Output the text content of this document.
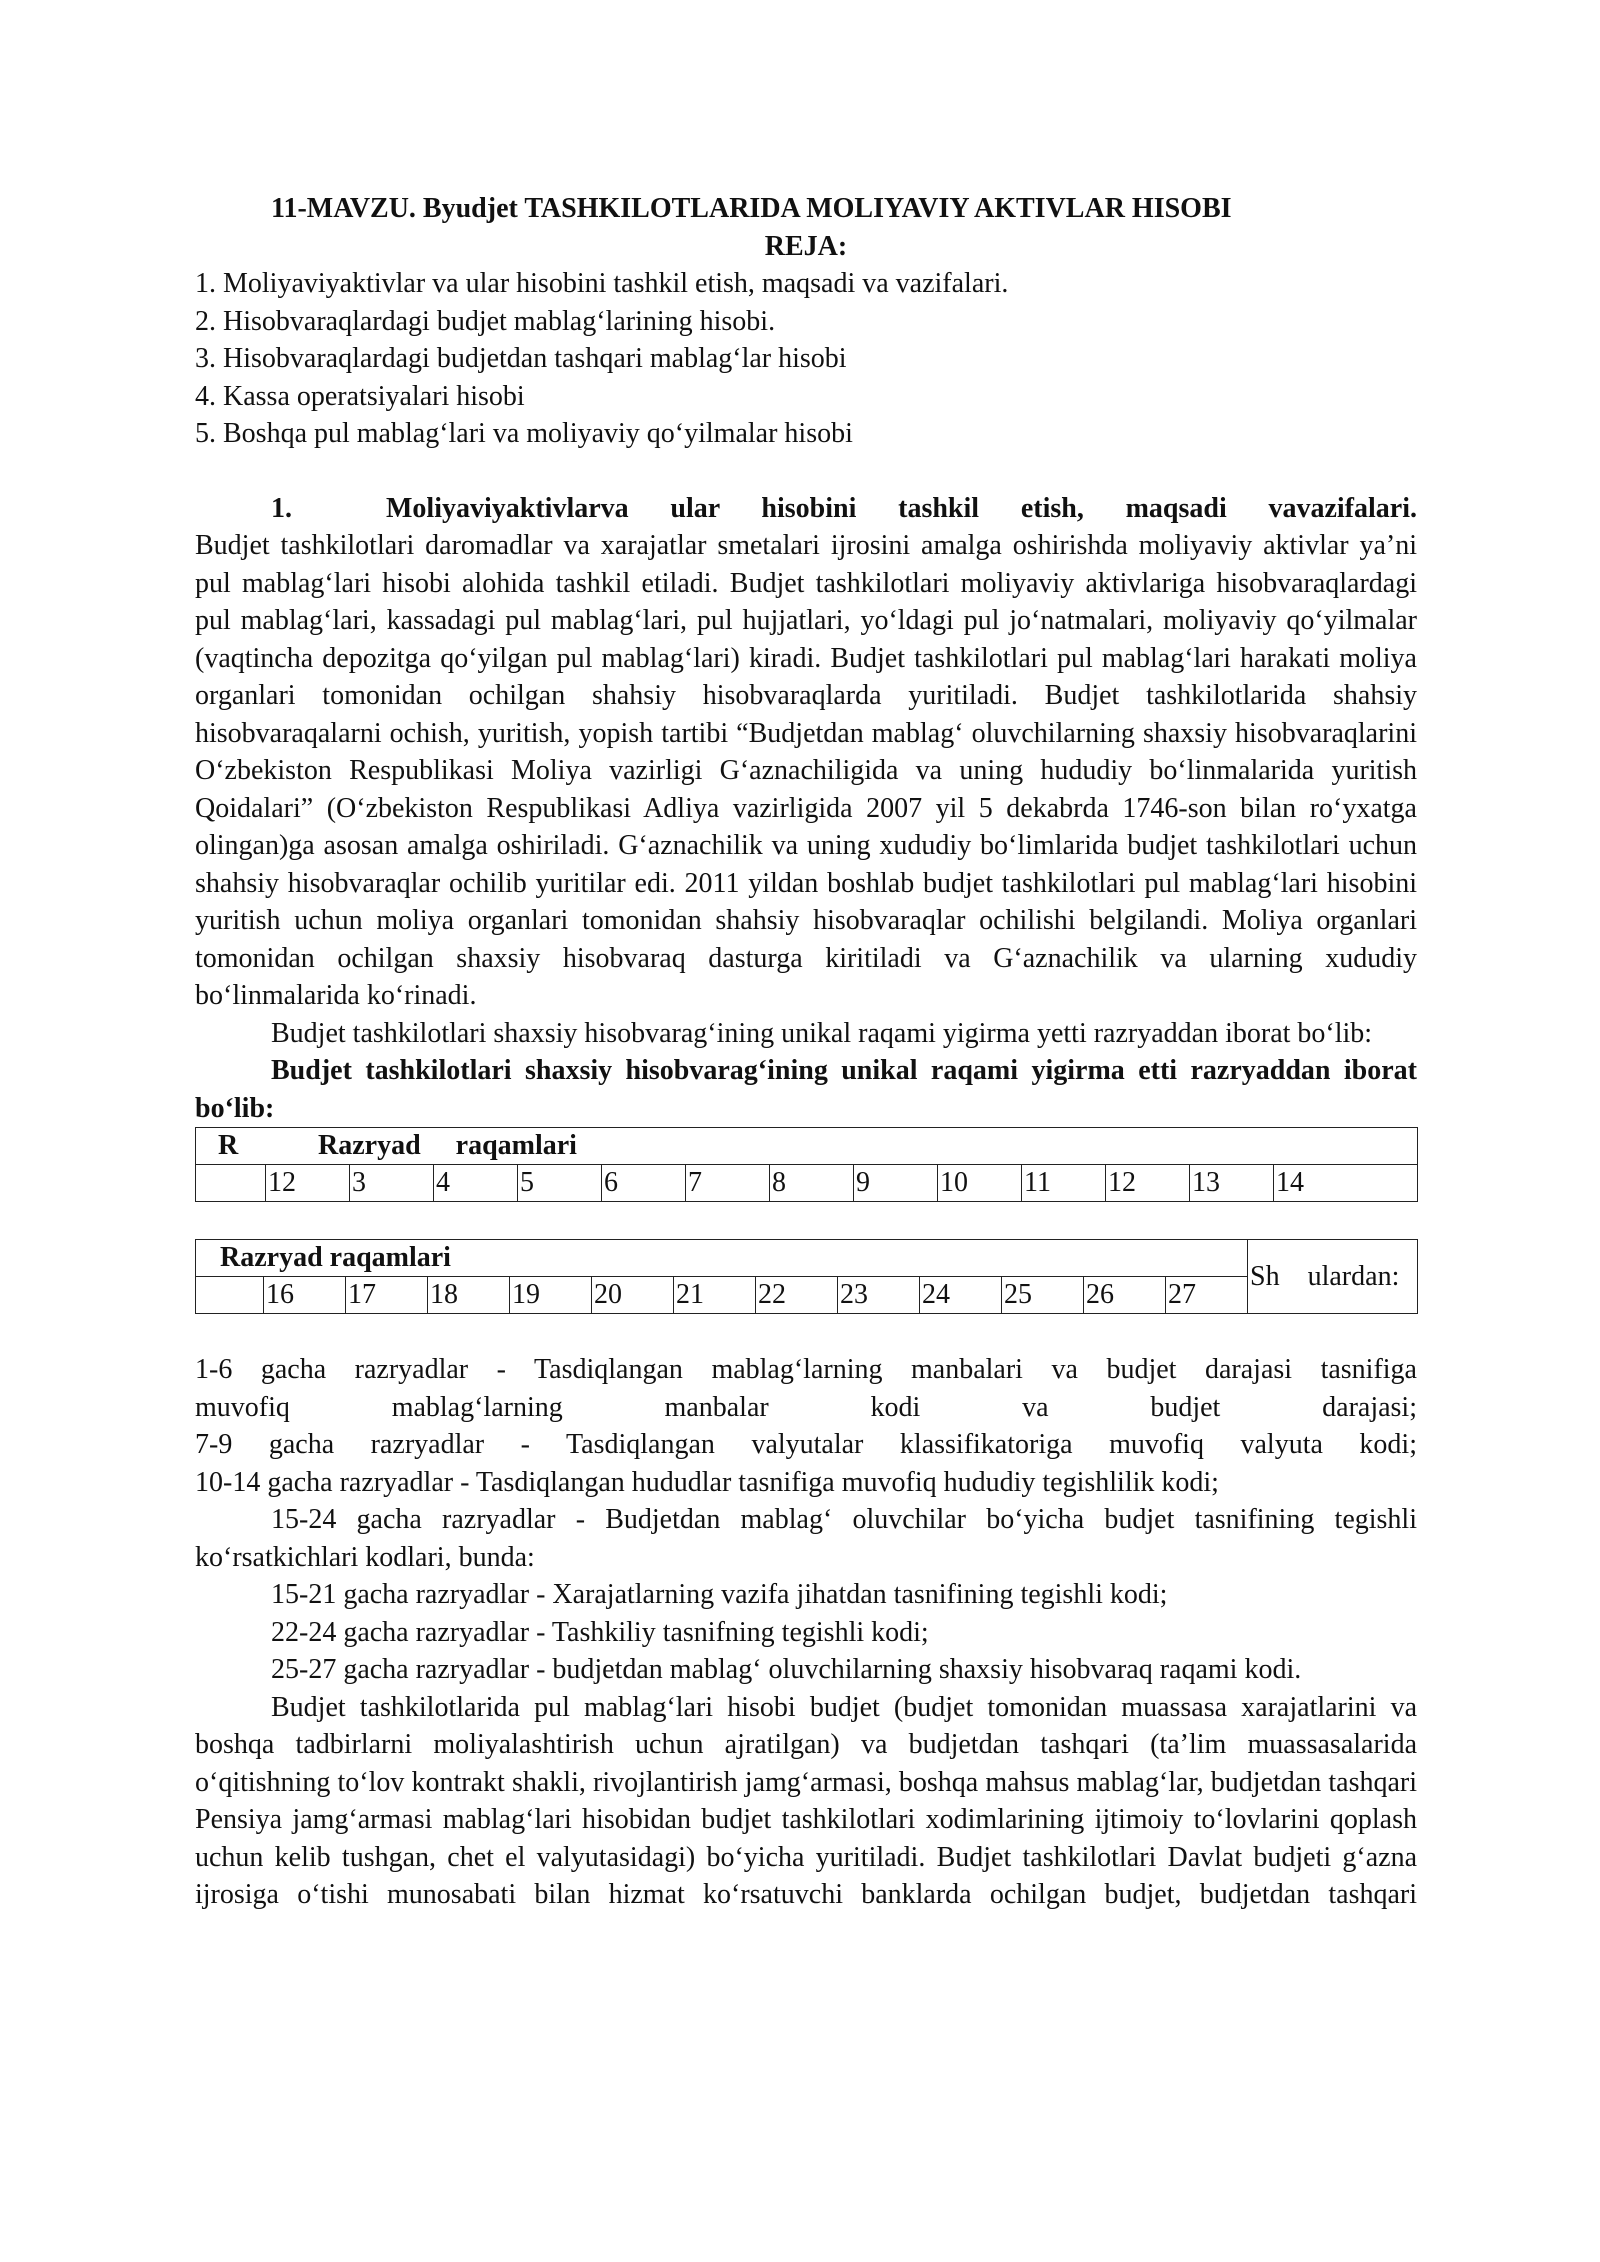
11-MAVZU. Byudjet TASHKILOTLARIDA MOLIYAVIY AKTIVLAR HISOBI
REJA:
1. Moliyaviyaktivlar va ular hisobini tashkil etish, maqsadi va vazifalari.
2. Hisobvaraqlardagi budjet mablag‘larining hisobi.
3. Hisobvaraqlardagi budjetdan tashqari mablag‘lar hisobi
4. Kassa operatsiyalari hisobi
5. Boshqa pul mablag‘lari va moliyaviy qo‘yilmalar hisobi

1.	Moliyaviyaktivlarva ular hisobini tashkil etish, maqsadi vavazifalari.

Budjet tashkilotlari daromadlar va xarajatlar smetalari ijrosini amalga oshirishda moliyaviy aktivlar ya’ni pul mablag‘lari hisobi alohida tashkil etiladi. Budjet tashkilotlari moliyaviy aktivlariga hisobvaraqlardagi pul mablag‘lari, kassadagi pul mablag‘lari, pul hujjatlari, yo‘ldagi pul jo‘natmalari, moliyaviy qo‘yilmalar (vaqtincha depozitga qo‘yilgan pul mablag‘lari) kiradi. Budjet tashkilotlari pul mablag‘lari harakati moliya organlari tomonidan ochilgan shahsiy hisobvaraqlarda yuritiladi. Budjet tashkilotlarida shahsiy hisobvaraqalarni ochish, yuritish, yopish tartibi “Budjetdan mablag‘ oluvchilarning shaxsiy hisobvaraqlarini O‘zbekiston Respublikasi Moliya vazirligi G‘aznachiligida va uning hududiy bo‘linmalarida yuritish Qoidalari” (O‘zbekiston Respublikasi Adliya vazirligida 2007 yil 5 dekabrda 1746-son bilan ro‘yxatga olingan)ga asosan amalga oshiriladi. G‘aznachilik va uning xududiy bo‘limlarida budjet tashkilotlari uchun shahsiy hisobvaraqlar ochilib yuritilar edi. 2011 yildan boshlab budjet tashkilotlari pul mablag‘lari hisobini yuritish uchun moliya organlari tomonidan shahsiy hisobvaraqlar ochilishi belgilandi. Moliya organlari tomonidan ochilgan shaxsiy hisobvaraq dasturga kiritiladi va G‘aznachilik va ularning xududiy bo‘linmalarida ko‘rinadi.

Budjet tashkilotlari shaxsiy hisobvarag‘ining unikal raqami yigirma yetti razryaddan iborat bo‘lib:

Budjet tashkilotlari shaxsiy hisobvarag‘ining unikal raqami yigirma etti razryaddan iborat bo‘lib:

R	Razryad     raqamlari
	12	3	4	5	6	7	8	9	10	11	12	13	14
Razryad raqamlari													Sh    ulardan:
	16	17	18	19	20	21	22	23	24	25	26	27	

1-6 gacha razryadlar - Tasdiqlangan mablag‘larning manbalari va budjet darajasi tasnifiga

muvofiq mablag‘larning manbalar kodi va budjet darajasi;

7-9 gacha razryadlar - Tasdiqlangan valyutalar klassifikatoriga muvofiq valyuta kodi;

10-14 gacha razryadlar - Tasdiqlangan hududlar tasnifiga muvofiq hududiy tegishlilik kodi;

15-24 gacha razryadlar - Budjetdan mablag‘ oluvchilar bo‘yicha budjet tasnifining tegishli ko‘rsatkichlari kodlari, bunda:

15-21 gacha razryadlar - Xarajatlarning vazifa jihatdan tasnifining tegishli kodi;

22-24 gacha razryadlar - Tashkiliy tasnifning tegishli kodi;

25-27 gacha razryadlar - budjetdan mablag‘ oluvchilarning shaxsiy hisobvaraq raqami kodi.

Budjet tashkilotlarida pul mablag‘lari hisobi budjet (budjet tomonidan muassasa xarajatlarini va boshqa tadbirlarni moliyalashtirish uchun ajratilgan) va budjetdan tashqari (ta’lim muassasalarida o‘qitishning to‘lov kontrakt shakli, rivojlantirish jamg‘armasi, boshqa mahsus mablag‘lar, budjetdan tashqari Pensiya jamg‘armasi mablag‘lari hisobidan budjet tashkilotlari xodimlarining ijtimoiy to‘lovlarini qoplash uchun kelib tushgan, chet el valyutasidagi) bo‘yicha yuritiladi. Budjet tashkilotlari Davlat budjeti g‘azna ijrosiga o‘tishi munosabati bilan hizmat ko‘rsatuvchi banklarda ochilgan budjet, budjetdan tashqari
